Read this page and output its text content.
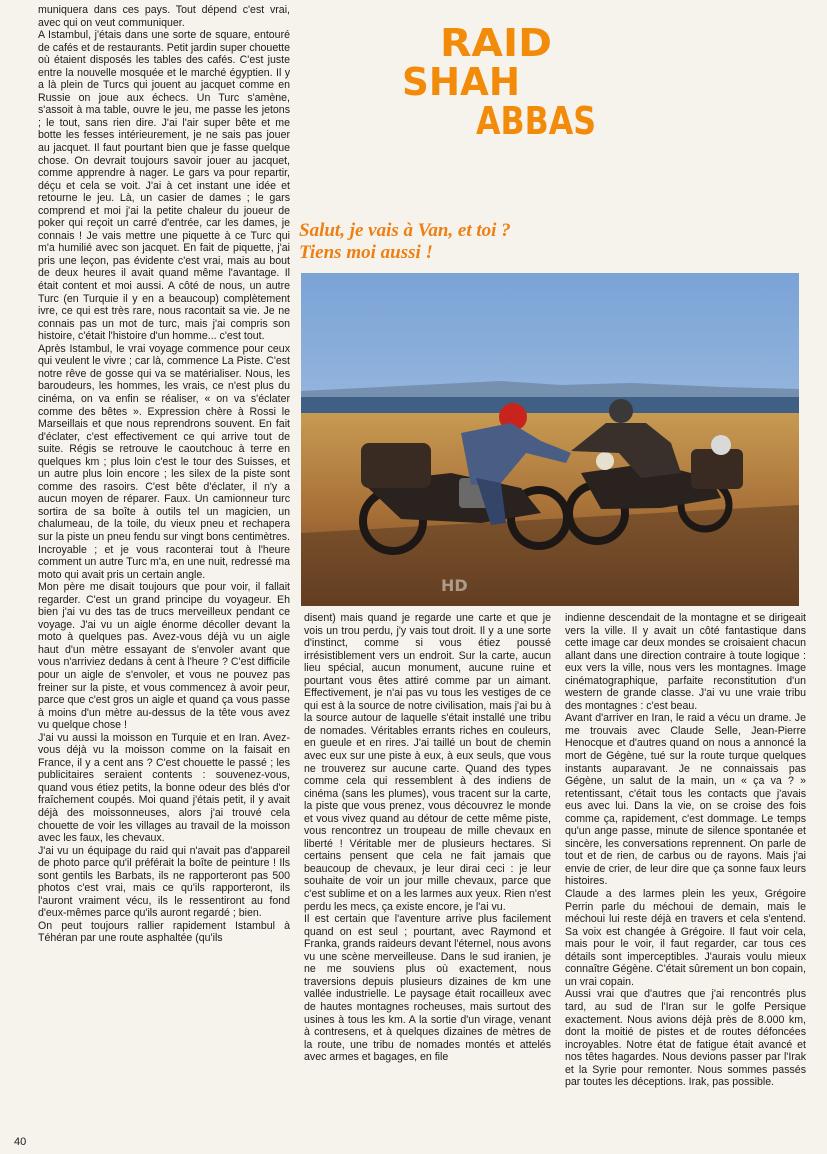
muniquera dans ces pays. Tout dépend c'est vrai, avec qui on veut communiquer.

A Istambul, j'étais dans une sorte de square, entouré de cafés et de restaurants. Petit jardin super chouette où étaient disposés les tables des cafés. C'est juste entre la nouvelle mosquée et le marché égyptien. Il y a là plein de Turcs qui jouent au jacquet comme en Russie on joue aux échecs. Un Turc s'amène, s'assoit à ma table, ouvre le jeu, me passe les jetons ; le tout, sans rien dire. J'ai l'air super bête et me botte les fesses intérieurement, je ne sais pas jouer au jacquet. Il faut pourtant bien que je fasse quelque chose. On devrait toujours savoir jouer au jacquet, comme apprendre à nager. Le gars va pour repartir, déçu et cela se voit. J'ai à cet instant une idée et retourne le jeu. Là, un casier de dames ; le gars comprend et moi j'ai la petite chaleur du joueur de poker qui reçoit un carré d'entrée, car les dames, je connais ! Je vais mettre une piquette à ce Turc qui m'a humilié avec son jacquet. En fait de piquette, j'ai pris une leçon, pas évidente c'est vrai, mais au bout de deux heures il avait quand même l'avantage. Il était content et moi aussi. A côté de nous, un autre Turc (en Turquie il y en a beaucoup) complètement ivre, ce qui est très rare, nous racontait sa vie. Je ne connais pas un mot de turc, mais j'ai compris son histoire, c'était l'histoire d'un homme... c'est tout.

Après Istambul, le vrai voyage commence pour ceux qui veulent le vivre ; car là, commence La Piste. C'est notre rêve de gosse qui va se matérialiser. Nous, les baroudeurs, les hommes, les vrais, ce n'est plus du cinéma, on va enfin se réaliser, « on va s'éclater comme des bêtes ». Expression chère à Rossi le Marseillais et que nous reprendrons souvent. En fait d'éclater, c'est effectivement ce qui arrive tout de suite. Régis se retrouve le caoutchouc à terre en quelques km ; plus loin c'est le tour des Suisses, et un autre plus loin encore ; les silex de la piste sont comme des rasoirs. C'est bête d'éclater, il n'y a aucun moyen de réparer. Faux. Un camionneur turc sortira de sa boîte à outils tel un magicien, un chalumeau, de la toile, du vieux pneu et rechapera sur la piste un pneu fendu sur vingt bons centimètres. Incroyable ; et je vous raconterai tout à l'heure comment un autre Turc m'a, en une nuit, redressé ma moto qui avait pris un certain angle.

Mon père me disait toujours que pour voir, il fallait regarder. C'est un grand principe du voyageur. Eh bien j'ai vu des tas de trucs merveilleux pendant ce voyage. J'ai vu un aigle énorme décoller devant la moto à quelques pas. Avez-vous déjà vu un aigle haut d'un mètre essayant de s'envoler avant que vous n'arriviez dedans à cent à l'heure ? C'est difficile pour un aigle de s'envoler, et vous ne pouvez pas freiner sur la piste, et vous commencez à avoir peur, parce que c'est gros un aigle et quand ça vous passe à moins d'un mètre au-dessus de la tête vous avez vu quelque chose !

J'ai vu aussi la moisson en Turquie et en Iran. Avez-vous déjà vu la moisson comme on la faisait en France, il y a cent ans ? C'est chouette le passé ; les publicitaires seraient contents : souvenez-vous, quand vous étiez petits, la bonne odeur des blés d'or fraîchement coupés. Moi quand j'étais petit, il y avait déjà des moissonneuses, alors j'ai trouvé cela chouette de voir les villages au travail de la moisson avec les faux, les chevaux.

J'ai vu un équipage du raid qui n'avait pas d'appareil de photo parce qu'il préférait la boîte de peinture ! Ils sont gentils les Barbats, ils ne rapporteront pas 500 photos c'est vrai, mais ce qu'ils rapporteront, ils l'auront vraiment vécu, ils le ressentiront au fond d'eux-mêmes parce qu'ils auront regardé ; bien.

On peut toujours rallier rapidement Istambul à Téhéran par une route asphaltée (qu'ils

RAID
SHAH
ABBAS
Salut, je vais à Van, et toi ?
Tiens moi aussi !
HD

disent) mais quand je regarde une carte et que je vois un trou perdu, j'y vais tout droit. Il y a une sorte d'instinct, comme si vous étiez poussé irrésistiblement vers un endroit. Sur la carte, aucun lieu spécial, aucun monument, aucune ruine et pourtant vous êtes attiré comme par un aimant. Effectivement, je n'ai pas vu tous les vestiges de ce qui est à la source de notre civilisation, mais j'ai bu à la source autour de laquelle s'était installé une tribu de nomades. Véritables errants riches en couleurs, en gueule et en rires. J'ai taillé un bout de chemin avec eux sur une piste à eux, à eux seuls, que vous ne trouverez sur aucune carte. Quand des types comme cela qui ressemblent à des indiens de cinéma (sans les plumes), vous tracent sur la carte, la piste que vous prenez, vous découvrez le monde et vous vivez quand au détour de cette même piste, vous rencontrez un troupeau de mille chevaux en liberté ! Véritable mer de plusieurs hectares. Si certains pensent que cela ne fait jamais que beaucoup de chevaux, je leur dirai ceci : je leur souhaite de voir un jour mille chevaux, parce que c'est sublime et on a les larmes aux yeux. Rien n'est perdu les mecs, ça existe encore, je l'ai vu.

Il est certain que l'aventure arrive plus facilement quand on est seul ; pourtant, avec Raymond et Franka, grands raideurs devant l'éternel, nous avons vu une scène merveilleuse. Dans le sud iranien, je ne me souviens plus où exactement, nous traversions depuis plusieurs dizaines de km une vallée industrielle. Le paysage était rocailleux avec de hautes montagnes rocheuses, mais surtout des usines à tous les km. A la sortie d'un virage, venant à contresens, et à quelques dizaines de mètres de la route, une tribu de nomades montés et attelés avec armes et bagages, en file

indienne descendait de la montagne et se dirigeait vers la ville. Il y avait un côté fantastique dans cette image car deux mondes se croisaient chacun allant dans une direction contraire à toute logique : eux vers la ville, nous vers les montagnes. Image cinématographique, parfaite reconstitution d'un western de grande classe. J'ai vu une vraie tribu des montagnes : c'est beau.

Avant d'arriver en Iran, le raid a vécu un drame. Je me trouvais avec Claude Selle, Jean-Pierre Henocque et d'autres quand on nous a annoncé la mort de Gégène, tué sur la route turque quelques instants auparavant. Je ne connaissais pas Gégène, un salut de la main, un « ça va ? » retentissant, c'était tous les contacts que j'avais eus avec lui. Dans la vie, on se croise des fois comme ça, rapidement, c'est dommage. Le temps qu'un ange passe, minute de silence spontanée et sincère, les conversations reprennent. On parle de tout et de rien, de carbus ou de rayons. Mais j'ai envie de crier, de leur dire que ça sonne faux leurs histoires.

Claude a des larmes plein les yeux, Grégoire Perrin parle du méchoui de demain, mais le méchoui lui reste déjà en travers et cela s'entend. Sa voix est changée à Grégoire. Il faut voir cela, mais pour le voir, il faut regarder, car tous ces détails sont imperceptibles. J'aurais voulu mieux connaître Gégène. C'était sûrement un bon copain, un vrai copain.

Aussi vrai que d'autres que j'ai rencontrés plus tard, au sud de l'Iran sur le golfe Persique exactement. Nous avions déjà près de 8.000 km, dont la moitié de pistes et de routes défoncées incroyables. Notre état de fatigue était avancé et nos têtes hagardes. Nous devions passer par l'Irak et la Syrie pour remonter. Nous sommes passés par toutes les déceptions. Irak, pas possible.

40
